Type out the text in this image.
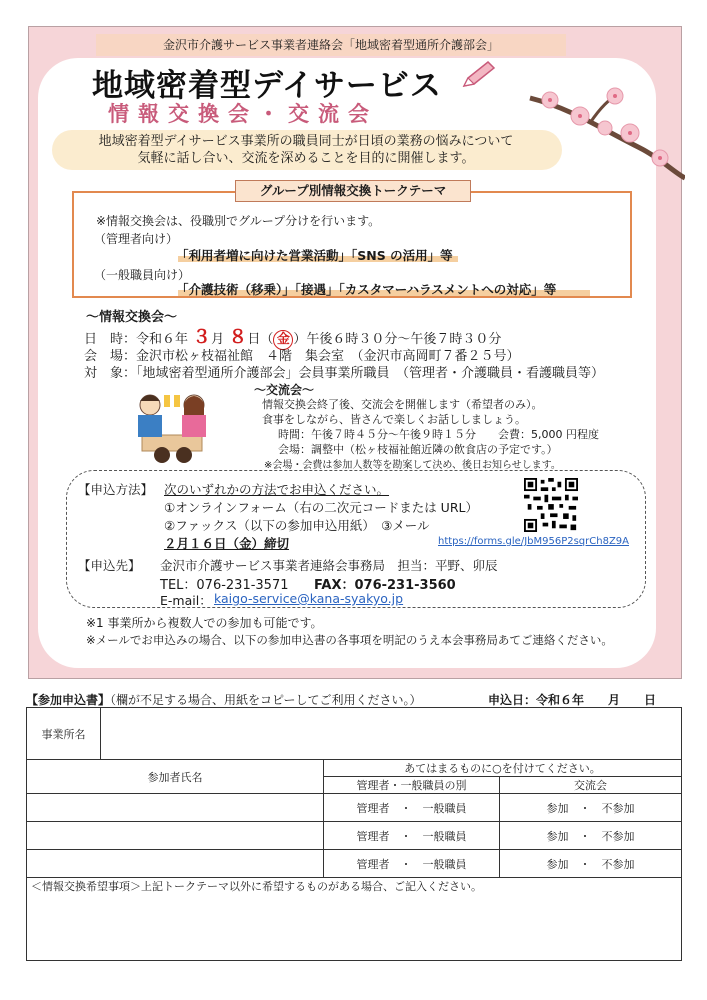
金沢市介護サービス事業者連絡会「地域密着型通所介護部会」
地域密着型デイサービス
情報交換会・交流会
地域密着型デイサービス事業所の職員同士が日頃の業務の悩みについて
気軽に話し合い、交流を深めることを目的に開催します。
グループ別情報交換トークテーマ
※情報交換会は、役職別でグループ分けを行います。
（管理者向け）
「利用者増に向けた営業活動」「SNS の活用」等
（一般職員向け）
「介護技術（移乗）」「接遇」「カスタマーハラスメントへの対応」等
～情報交換会～
日　時：令和６年 ３月 ８日（ 金 ）午後６時３０分～午後７時３０分
会　場：金沢市松ヶ枝福祉館　４階　集会室　（金沢市高岡町７番２５号）
対　象：「地域密着型通所介護部会」会員事業所職員　（管理者・介護職員・看護職員等）
～交流会～
情報交換会終了後、交流会を開催します（希望者のみ）。
食事をしながら、皆さんで楽しくお話ししましょう。
時間：午後７時４５分～午後９時１５分　　会費：5,000 円程度
会場：調整中（松ヶ枝福祉館近隣の飲食店の予定です。）
※会場・会費は参加人数等を勘案して決め、後日お知らせします。
【申込方法】 次のいずれかの方法でお申込ください。
①オンラインフォーム（右の二次元コードまたは URL）
②ファックス（以下の参加申込用紙）　③メール
２月１６日（金）締切	https://forms.gle/JbM956P2sqrCh8Z9A
【申込先】 金沢市介護サービス事業者連絡会事務局　担当：平野、卯辰
TEL：076-231-3571 FAX：076-231-3560
E-mail： kaigo-service@kana-syakyo.jp
※1 事業所から複数人での参加も可能です。
※メールでお申込みの場合、以下の参加申込書の各事項を明記のうえ本会事務局あてご連絡ください。
【参加申込書】（欄が不足する場合、用紙をコピーしてご利用ください。）	申込日：令和６年　　月　　日
事業所名			
参加者氏名		あてはまるものに○を付けてください。	
		管理者・一般職員の別	交流会
		管理者　・　一般職員	参加　・　不参加
		管理者　・　一般職員	参加　・　不参加
		管理者　・　一般職員	参加　・　不参加
＜情報交換希望事項＞上記トークテーマ以外に希望するものがある場合、ご記入ください。			
